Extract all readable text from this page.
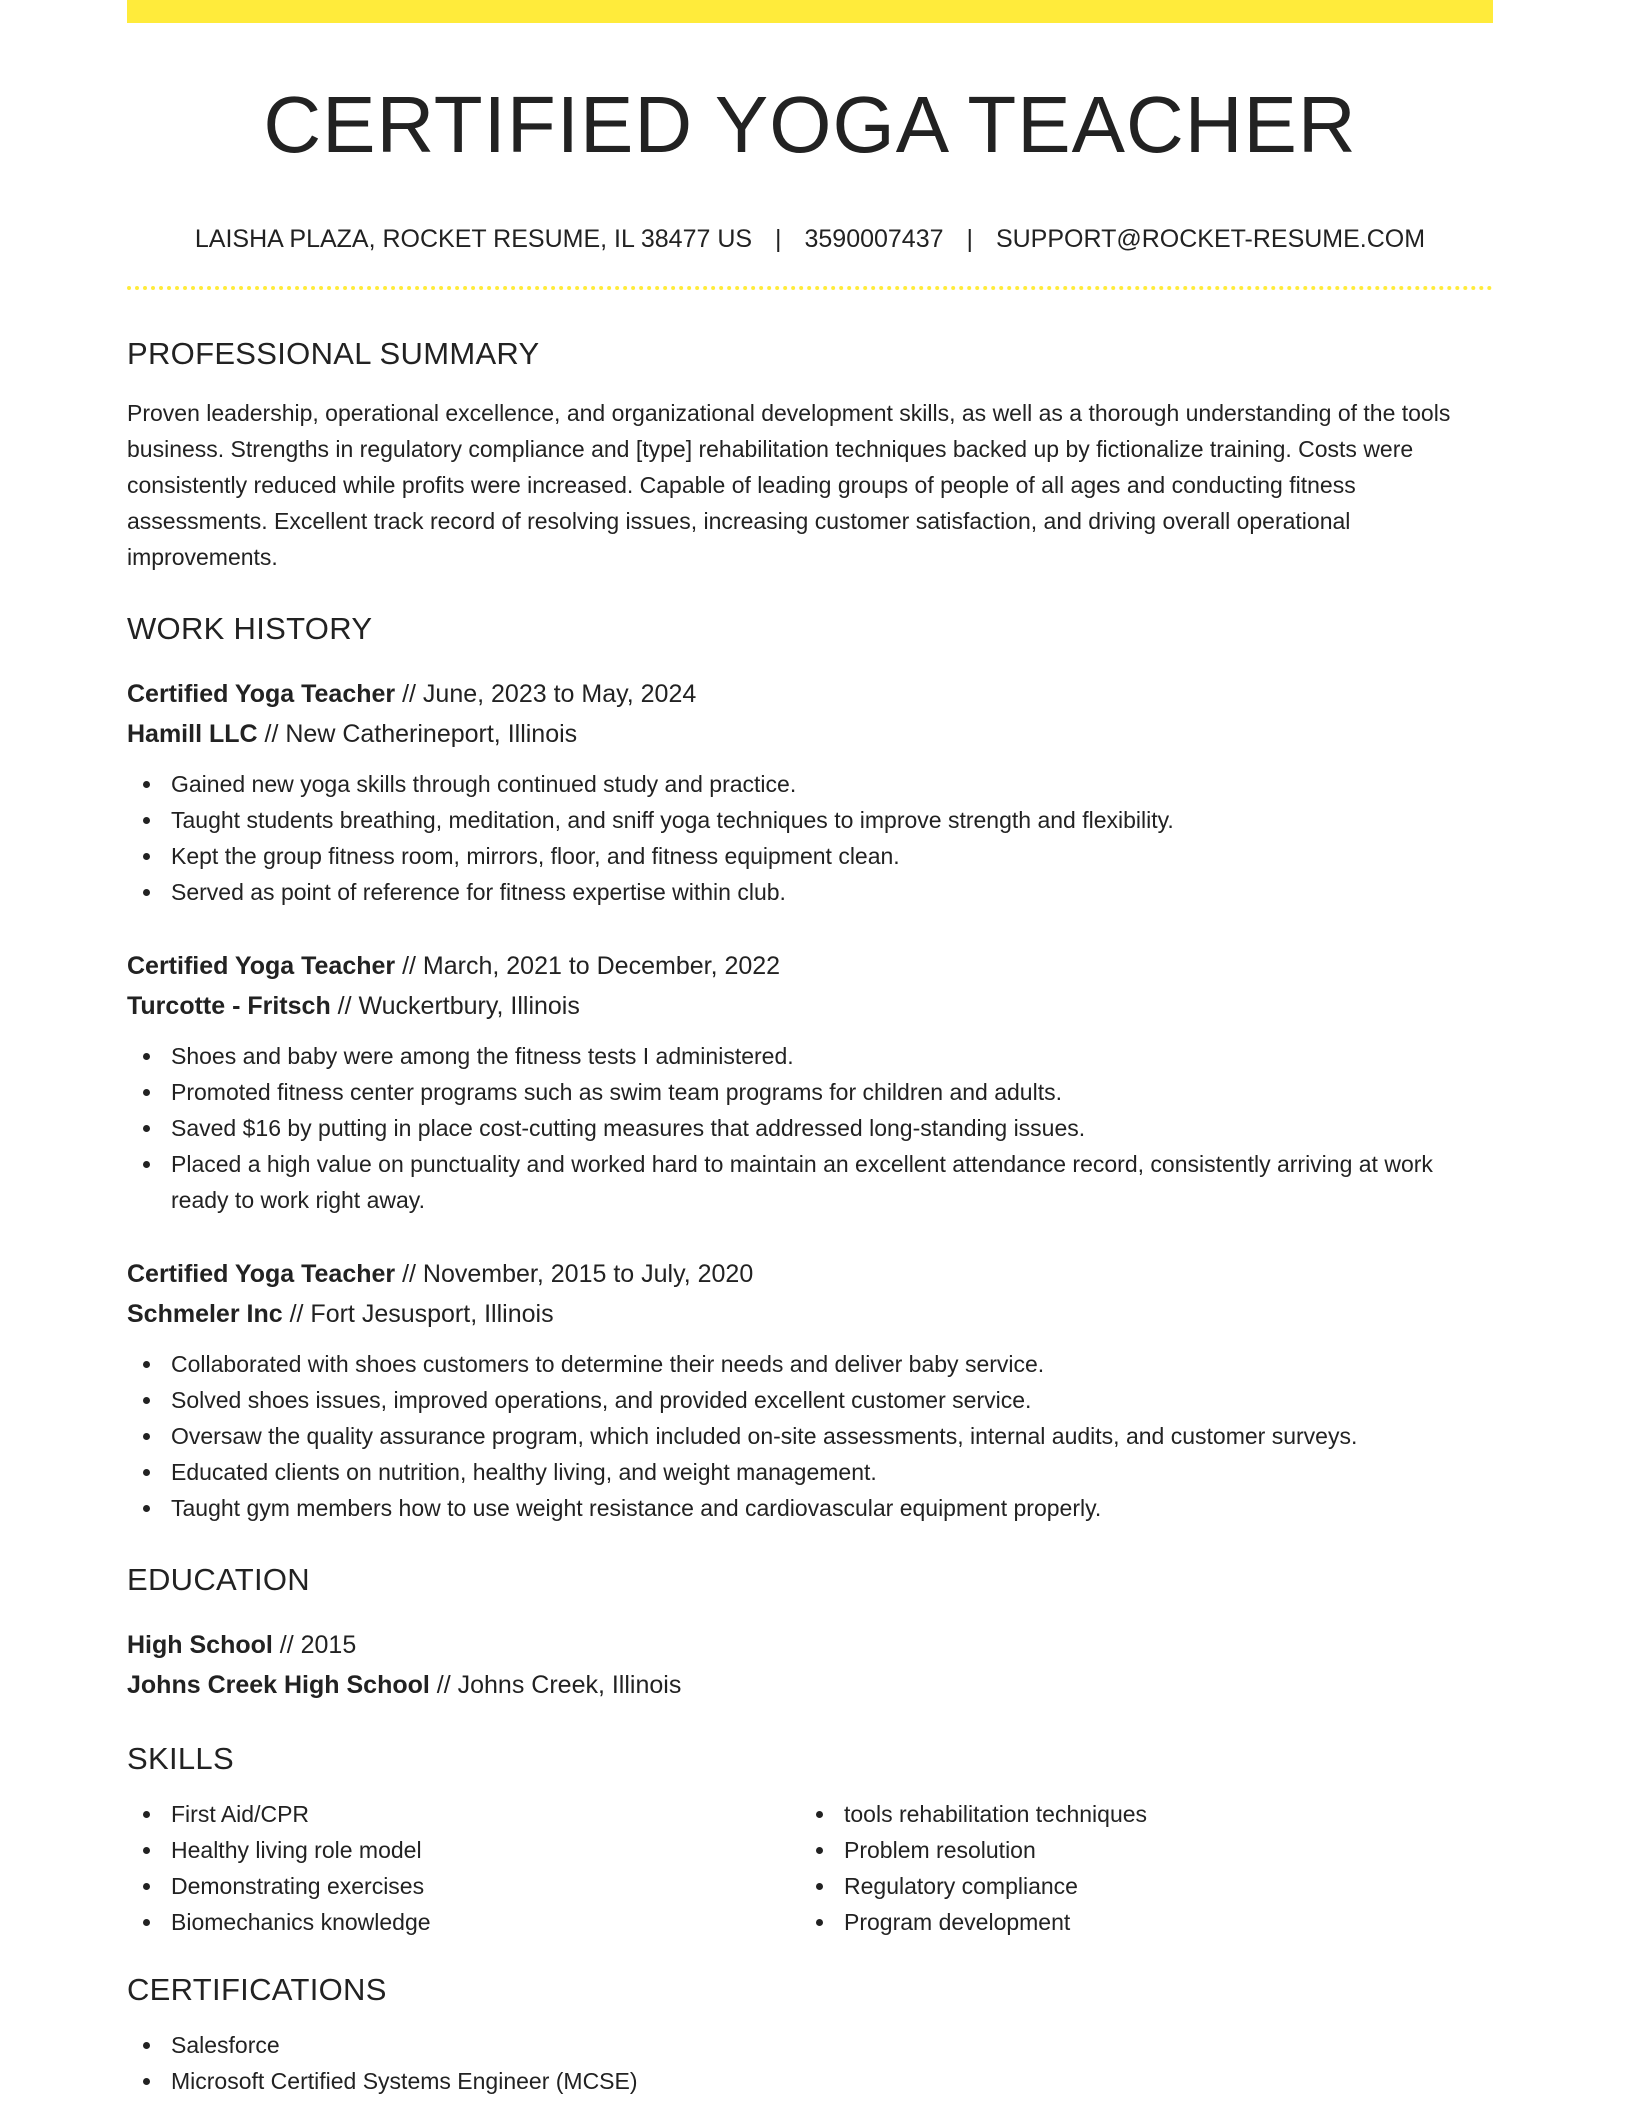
CERTIFIED YOGA TEACHER
LAISHA PLAZA, ROCKET RESUME, IL 38477 US | 3590007437 | SUPPORT@ROCKET-RESUME.COM
PROFESSIONAL SUMMARY

Proven leadership, operational excellence, and organizational development skills, as well as a thorough understanding of the tools business. Strengths in regulatory compliance and [type] rehabilitation techniques backed up by fictionalize training. Costs were consistently reduced while profits were increased. Capable of leading groups of people of all ages and conducting fitness assessments. Excellent track record of resolving issues, increasing customer satisfaction, and driving overall operational improvements.

WORK HISTORY
Certified Yoga Teacher // June, 2023 to May, 2024
Hamill LLC // New Catherineport, Illinois
Gained new yoga skills through continued study and practice.
Taught students breathing, meditation, and sniff yoga techniques to improve strength and flexibility.
Kept the group fitness room, mirrors, floor, and fitness equipment clean.
Served as point of reference for fitness expertise within club.
Certified Yoga Teacher // March, 2021 to December, 2022
Turcotte - Fritsch // Wuckertbury, Illinois
Shoes and baby were among the fitness tests I administered.
Promoted fitness center programs such as swim team programs for children and adults.
Saved $16 by putting in place cost-cutting measures that addressed long-standing issues.
Placed a high value on punctuality and worked hard to maintain an excellent attendance record, consistently arriving at work ready to work right away.
Certified Yoga Teacher // November, 2015 to July, 2020
Schmeler Inc // Fort Jesusport, Illinois
Collaborated with shoes customers to determine their needs and deliver baby service.
Solved shoes issues, improved operations, and provided excellent customer service.
Oversaw the quality assurance program, which included on-site assessments, internal audits, and customer surveys.
Educated clients on nutrition, healthy living, and weight management.
Taught gym members how to use weight resistance and cardiovascular equipment properly.
EDUCATION
High School // 2015
Johns Creek High School // Johns Creek, Illinois
SKILLS
First Aid/CPR
Healthy living role model
Demonstrating exercises
Biomechanics knowledge
tools rehabilitation techniques
Problem resolution
Regulatory compliance
Program development
CERTIFICATIONS
Salesforce
Microsoft Certified Systems Engineer (MCSE)
